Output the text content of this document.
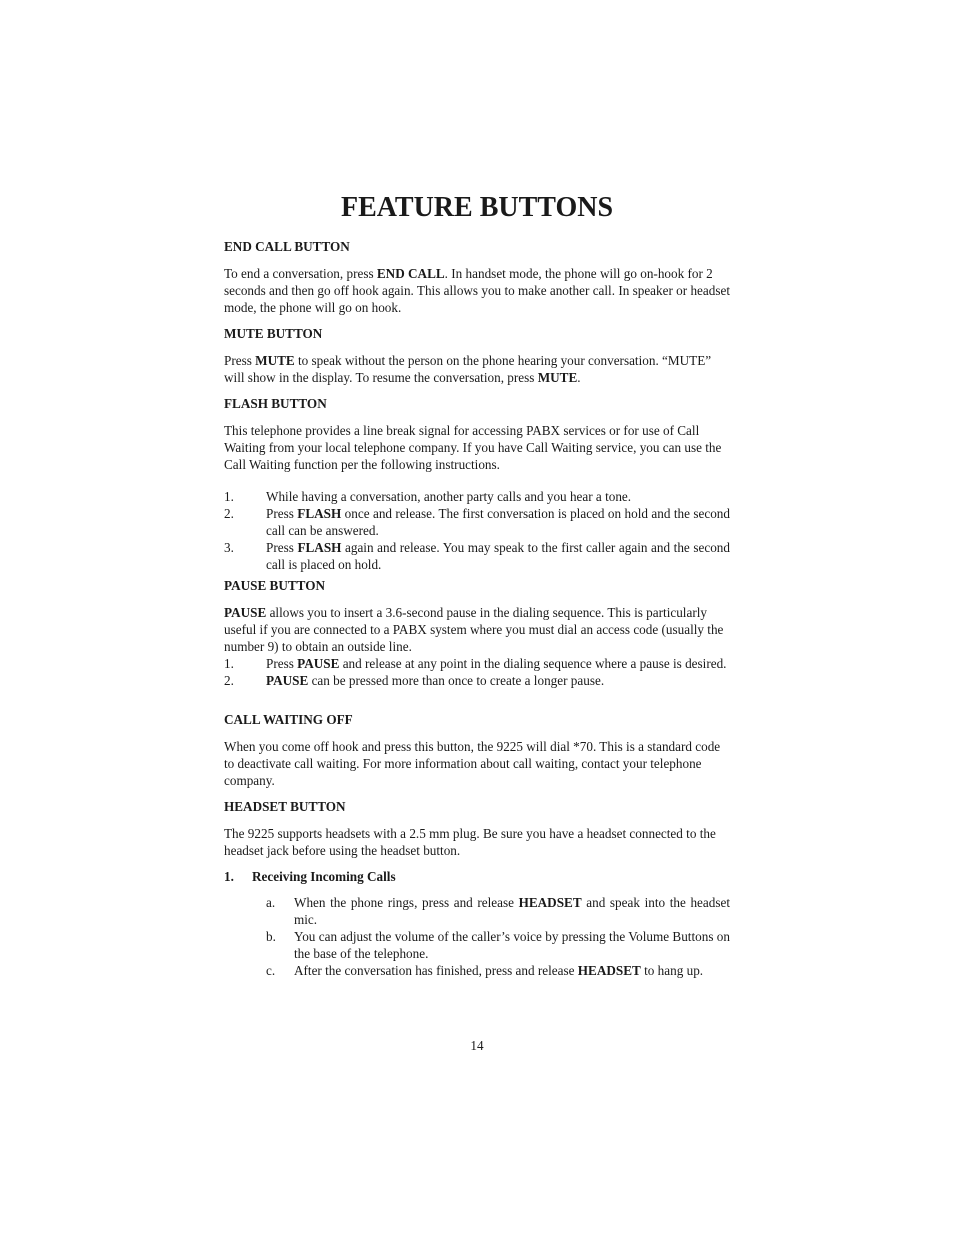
FEATURE BUTTONS

END CALL BUTTON

To end a conversation, press END CALL. In handset mode, the phone will go on-hook for 2 seconds and then go off hook again. This allows you to make another call. In speaker or headset mode, the phone will go on hook.

MUTE BUTTON

Press MUTE to speak without the person on the phone hearing your conversation. “MUTE” will show in the display. To resume the conversation, press MUTE.

FLASH BUTTON

This telephone provides a line break signal for accessing PABX services or for use of Call Waiting from your local telephone company. If you have Call Waiting service, you can use the Call Waiting function per the following instructions.

1. While having a conversation, another party calls and you hear a tone.
2. Press FLASH once and release. The first conversation is placed on hold and the second call can be answered.
3. Press FLASH again and release. You may speak to the first caller again and the second call is placed on hold.

PAUSE BUTTON

PAUSE allows you to insert a 3.6-second pause in the dialing sequence. This is particularly useful if you are connected to a PABX system where you must dial an access code (usually the number 9) to obtain an outside line.

1. Press PAUSE and release at any point in the dialing sequence where a pause is desired.
2. PAUSE can be pressed more than once to create a longer pause.

CALL WAITING OFF

When you come off hook and press this button, the 9225 will dial *70. This is a standard code to deactivate call waiting. For more information about call waiting, contact your telephone company.

HEADSET BUTTON

The 9225 supports headsets with a 2.5 mm plug. Be sure you have a headset connected to the headset jack before using the headset button.

1. Receiving Incoming Calls

a. When the phone rings, press and release HEADSET and speak into the headset mic.
b. You can adjust the volume of the caller’s voice by pressing the Volume Buttons on the base of the telephone.
c. After the conversation has finished, press and release HEADSET to hang up.
14
